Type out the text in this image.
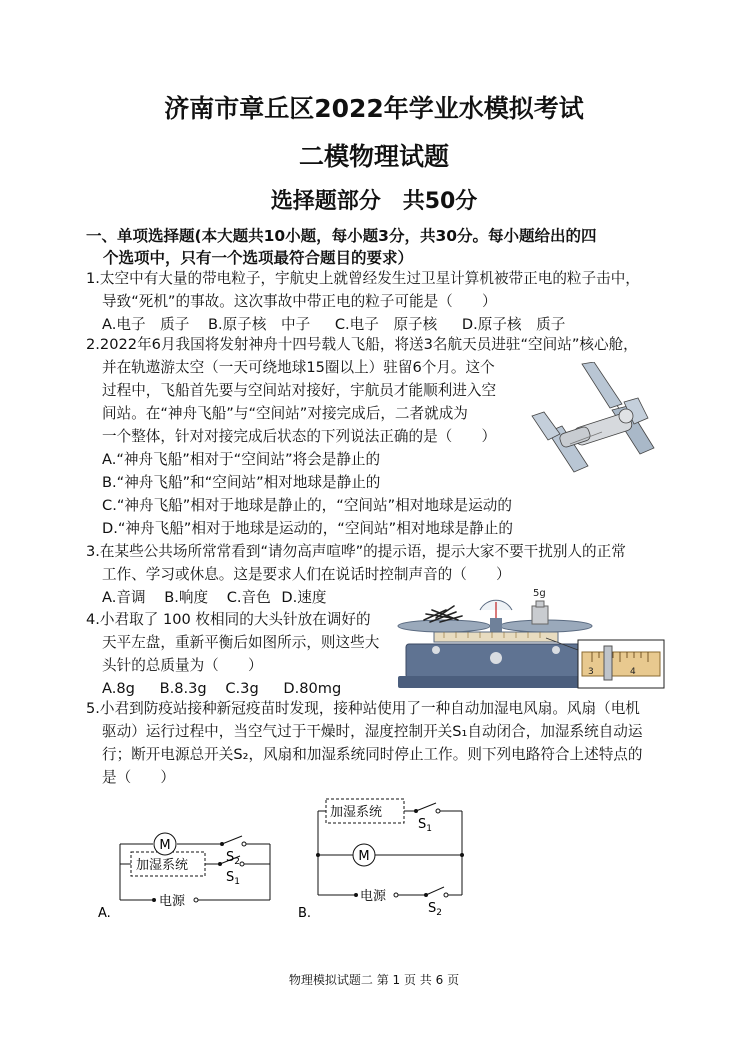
济南市章丘区2022年学业水模拟考试
二模物理试题
选择题部分　共50分
一、单项选择题(本大题共10小题，每小题3分，共30分。每小题给出的四
个选项中，只有一个选项最符合题目的要求）
1.太空中有大量的带电粒子，宇航史上就曾经发生过卫星计算机被带正电的粒子击中，
导致“死机”的事故。这次事故中带正电的粒子可能是（　　）
A.电子　质子 B.原子核　中子 C.电子　原子核 D.原子核　质子
2.2022年6月我国将发射神舟十四号载人飞船，将送3名航天员进驻“空间站”核心舱，
并在轨遨游太空（一天可绕地球15圈以上）驻留6个月。这个
过程中，飞船首先要与空间站对接好，宇航员才能顺利进入空
间站。在“神舟飞船”与“空间站”对接完成后，二者就成为
一个整体，针对对接完成后状态的下列说法正确的是（　　）
A.“神舟飞船”相对于“空间站”将会是静止的
B.“神舟飞船”和“空间站”相对地球是静止的
C.“神舟飞船”相对于地球是静止的，“空间站”相对地球是运动的
D.“神舟飞船”相对于地球是运动的，“空间站”相对地球是静止的
3.在某些公共场所常常看到“请勿高声喧哗”的提示语，提示大家不要干扰别人的正常
工作、学习或休息。这是要求人们在说话时控制声音的（　　）
A.音调 B.响度 C.音色 D.速度
4.小君取了 100 枚相同的大头针放在调好的
天平左盘，重新平衡后如图所示，则这些大
头针的总质量为（　　）
A.8g B.8.3g C.3g D.80mg
5g
3	4
5.小君到防疫站接种新冠疫苗时发现，接种站使用了一种自动加湿电风扇。风扇（电机
驱动）运行过程中，当空气过于干燥时，湿度控制开关S₁自动闭合，加湿系统自动运
行；断开电源总开关S₂，风扇和加湿系统同时停止工作。则下列电路符合上述特点的
是（　　）
M
$S_2$
加湿系统
$S_1$
电源
A.
加湿系统
$S_1$
M
电源
$S_2$
B.
物理模拟试题二 第 1 页 共 6 页
